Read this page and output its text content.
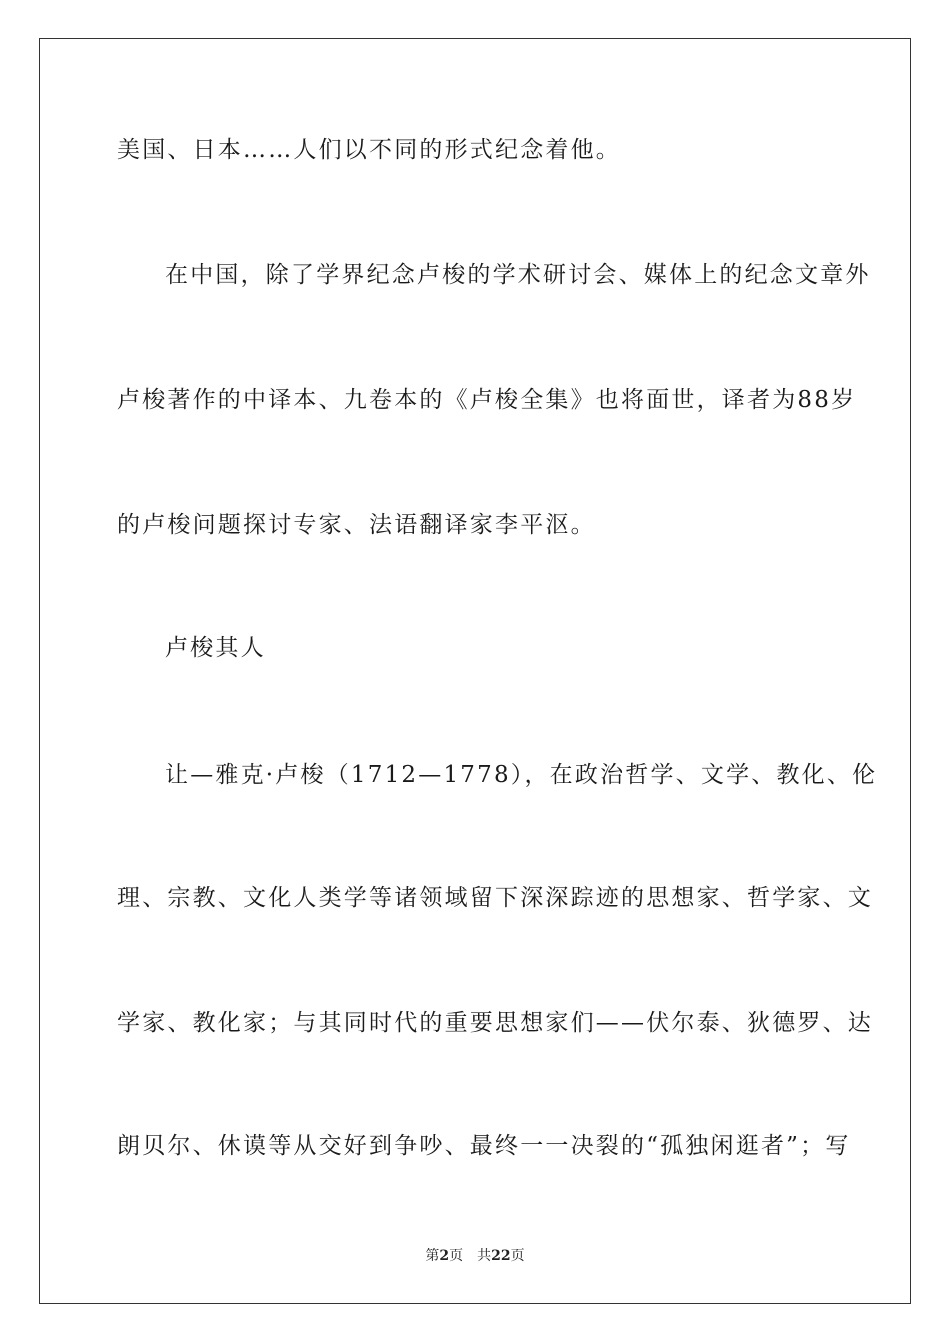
美国、日本……人们以不同的形式纪念着他。
在中国，除了学界纪念卢梭的学术研讨会、媒体上的纪念文章外
卢梭著作的中译本、九卷本的《卢梭全集》也将面世，译者为88岁
的卢梭问题探讨专家、法语翻译家李平沤。
卢梭其人
让—雅克·卢梭（1712—1778），在政治哲学、文学、教化、伦
理、宗教、文化人类学等诸领域留下深深踪迹的思想家、哲学家、文
学家、教化家；与其同时代的重要思想家们——伏尔泰、狄德罗、达
朗贝尔、休谟等从交好到争吵、最终一一决裂的“孤独闲逛者”；写
第2页 共22页
